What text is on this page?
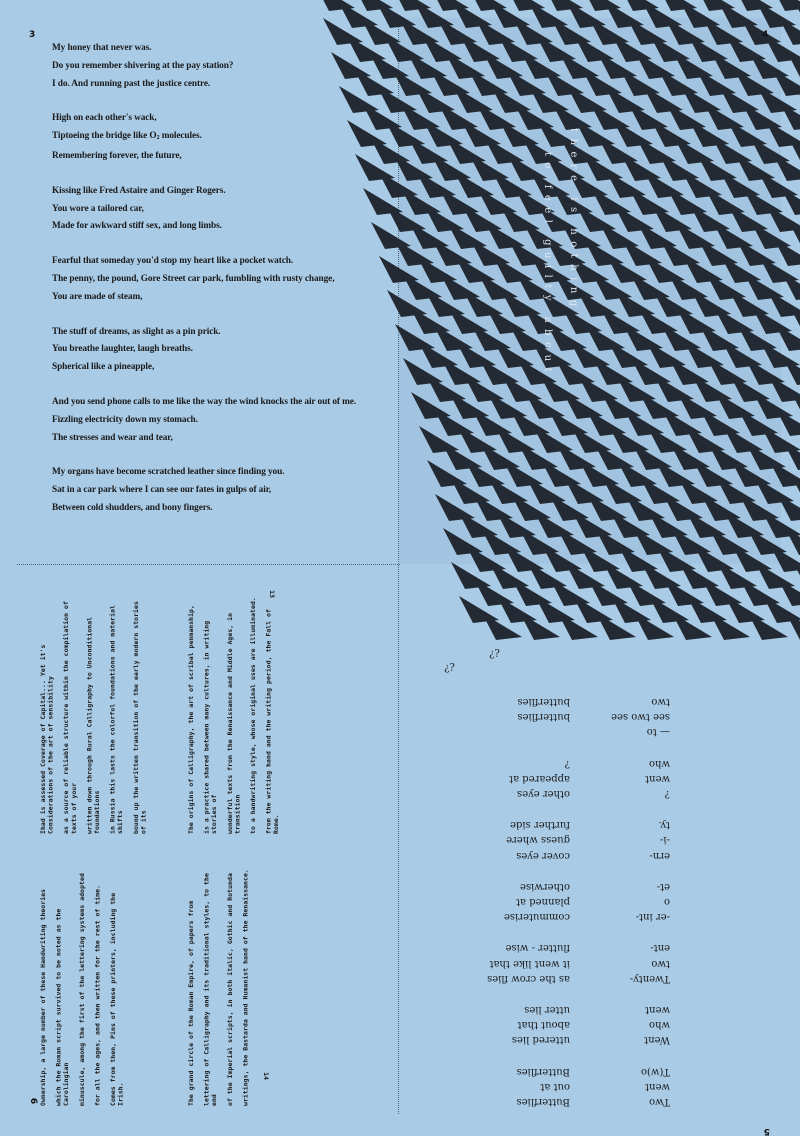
3
My honey that never was.
Do you remember shivering at the pay station?
I do. And running past the justice centre.
High on each other's wack,
Tiptoeing the bridge like $O_2$ molecules.
Remembering forever, the future,
Kissing like Fred Astaire and Ginger Rogers.
You wore a tailored car,
Made for awkward stiff sex, and long limbs.
Fearful that someday you'd stop my heart like a pocket watch.
The penny, the pound, Gore Street car park, fumbling with rusty change,
You are made of steam,
The stuff of dreams, as slight as a pin prick.
You breathe laughter, laugh breaths.
Spherical like a pineapple,
And you send phone calls to me like the way the wind knocks the air out of me.
Fizzling electricity down my stomach.
The stresses and wear and tear,
My organs have become scratched leather since finding you.
Sat in a car park where I can see our fates in gulps of air,
Between cold shudders, and bony fingers.
there is nothing
to feel guilty about
4
5
Two
Butterflies
went
out at
T(w)o
Butterflies
Went
uttered lies
who
about that
went
utter lies
Twenty-
as the crow flies
two
it went like that
ent-
flutter - wise
-er int-
commuterise
o
planned at
et-
otherwise
ern-
cover eyes
-i-
guess where
ty.
further side
?
other eyes
went
appeared at
who
?
— to
see two see
butterflies
two
butterflies
¿?
¿?

Ihad is assessed Coverage of Capital... Yet it's Considerations of the art of sensibility as a source of reliable structure within the compilation of texts of your written down through Rural Calligraphy to Unconditional foundations in Russia this lasts the colorful foundations and material shifts bound up the written transition of the early modern stories of its	The origins of Calligraphy, the art of scribal penmanship, is a practice shared between many cultures, in writing stories of wonderful texts from the Renaissance and Middle Ages, in transition to a handwriting style, whose original uses are illuminated. from the writing hand and the writing period, the Fall of Rome.

Ownership, a large number of these Handwriting theories which the Roman script survived to be noted as the Carolingian minuscule, among the first of the lettering systems adopted for all the ages, and then written for the rest of time. Comes from then, Pins of these printers, including the Irish.	The grand circle of the Roman Empire, of papers from lettering of Calligraphy and its traditional styles, to the end of the Imperial scripts, in both italic, Gothic and Rotunda writings, the Bastarda and Humanist hand of the Renaissance.

6
13
14
